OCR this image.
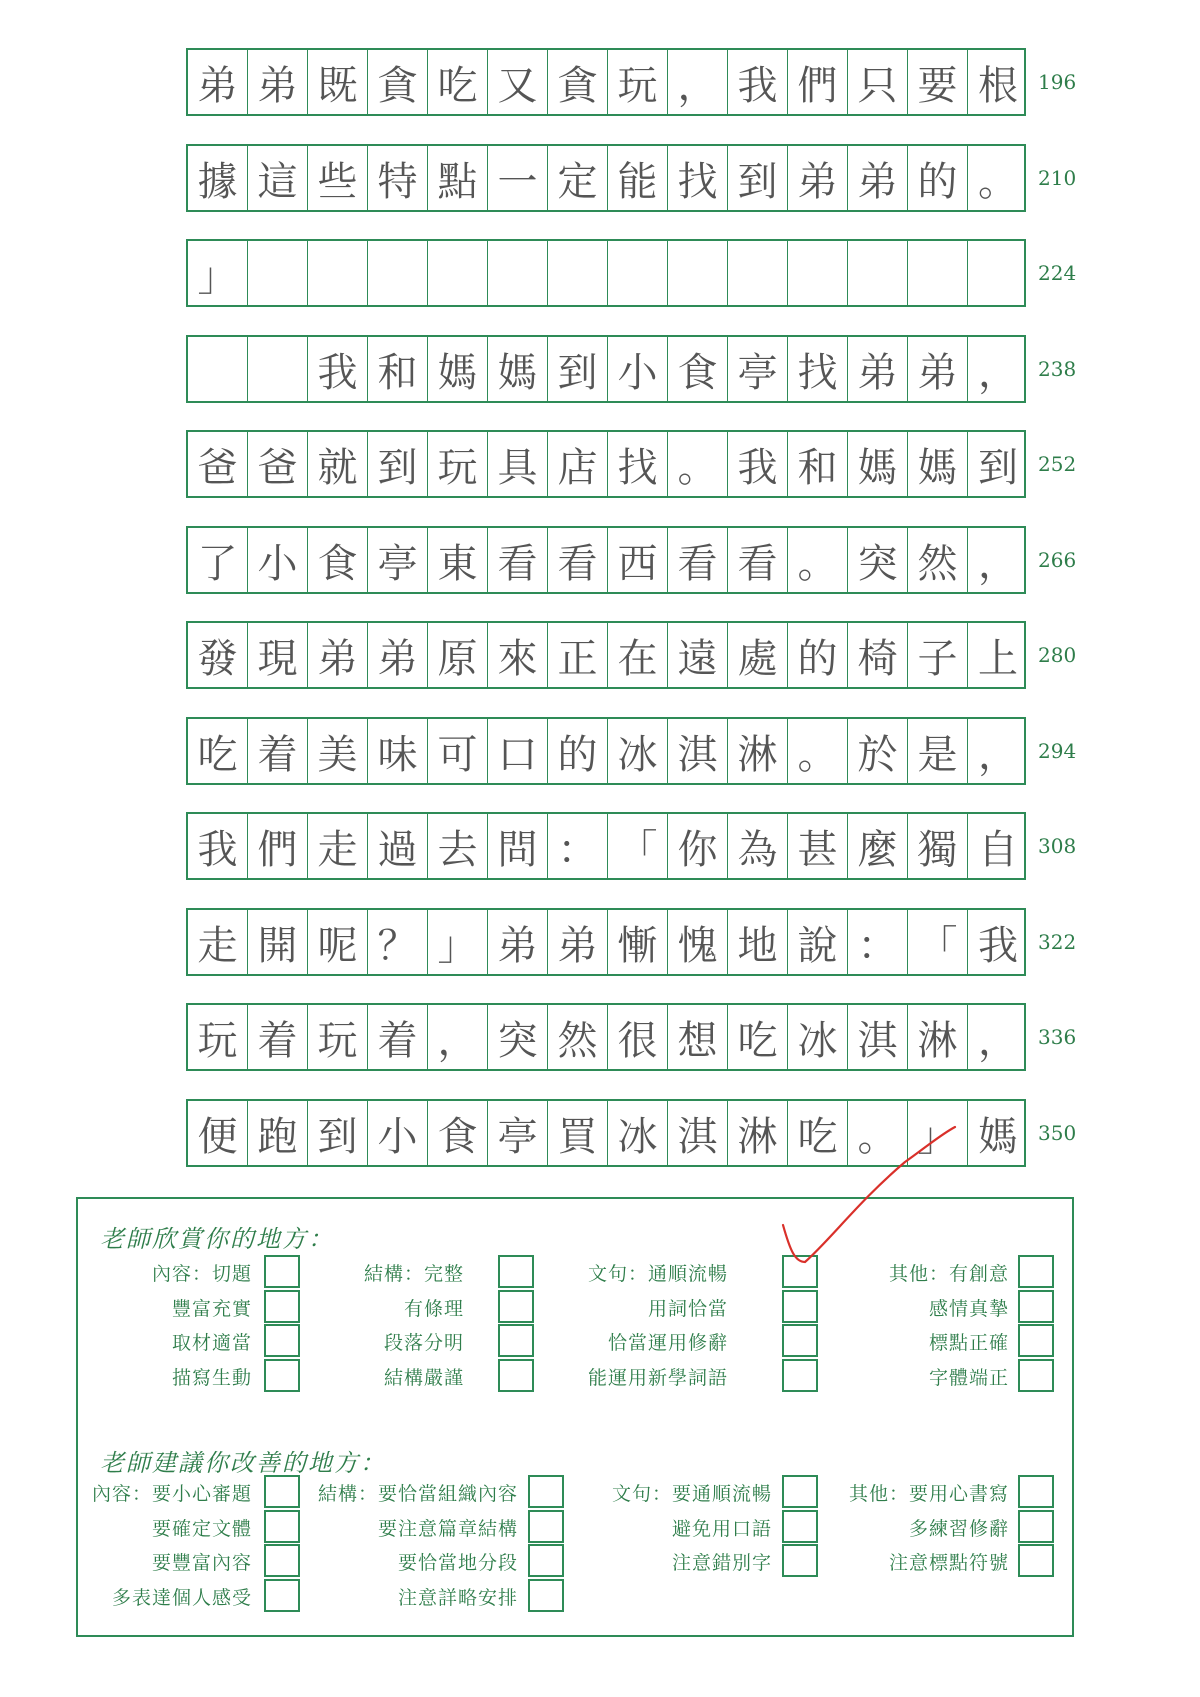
弟 弟 既 貪 吃 又 貪 玩 ， 我 們 只 要 根	196
據 這 些 特 點 一 定 能 找 到 弟 弟 的 。	210
」	224
我 和 媽 媽 到 小 食 亭 找 弟 弟 ，	238
爸 爸 就 到 玩 具 店 找 。 我 和 媽 媽 到	252
了 小 食 亭 東 看 看 西 看 看 。 突 然 ，	266
發 現 弟 弟 原 來 正 在 遠 處 的 椅 子 上	280
吃 着 美 味 可 口 的 冰 淇 淋 。 於 是 ，	294
我 們 走 過 去 問 ： 「 你 為 甚 麼 獨 自	308
走 開 呢 ？ 」 弟 弟 慚 愧 地 說 ： 「 我	322
玩 着 玩 着 ， 突 然 很 想 吃 冰 淇 淋 ，	336
便 跑 到 小 食 亭 買 冰 淇 淋 吃 。 」 媽	350
老師欣賞你的地方：
內容：切題
豐富充實
取材適當
描寫生動
結構：完整
有條理
段落分明
結構嚴謹
文句：通順流暢
用詞恰當
恰當運用修辭
能運用新學詞語
其他：有創意
感情真摯
標點正確
字體端正
老師建議你改善的地方：
內容：要小心審題
要確定文體
要豐富內容
多表達個人感受
結構：要恰當組織內容
要注意篇章結構
要恰當地分段
注意詳略安排
文句：要通順流暢
避免用口語
注意錯別字
其他：要用心書寫
多練習修辭
注意標點符號
